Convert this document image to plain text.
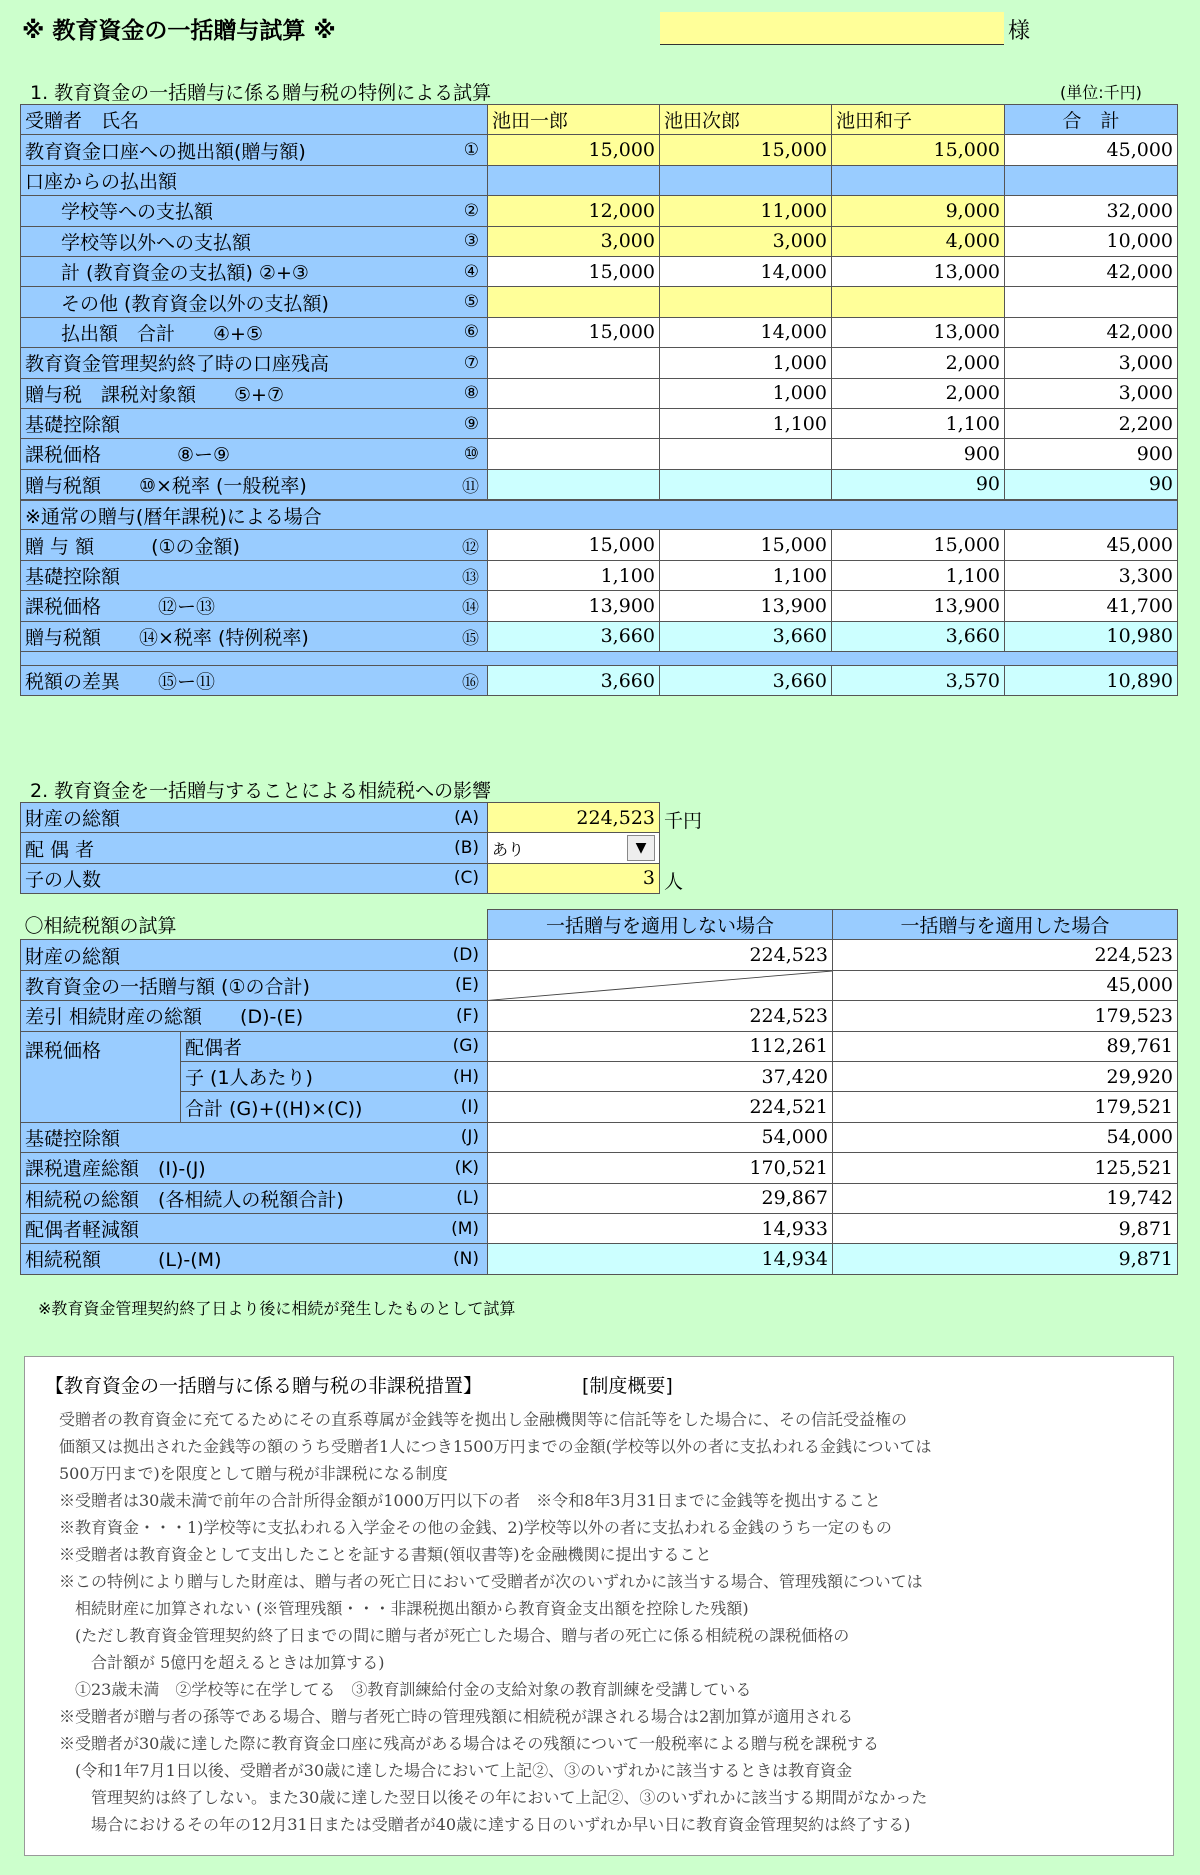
※ 教育資金の一括贈与試算 ※	様
1. 教育資金の一括贈与に係る贈与税の特例による試算	(単位:千円)
受贈者　氏名	池田一郎	池田次郎	池田和子	合　計

教育資金口座への拠出額(贈与額) ①	15,000	15,000	15,000	45,000
口座からの払出額				

学校等への支払額 ②	12,000	11,000	9,000	32,000

学校等以外への支払額 ③	3,000	3,000	4,000	10,000

計 (教育資金の支払額) ②+③ ④	15,000	14,000	13,000	42,000

その他 (教育資金以外の支払額) ⑤				

払出額　合計　　④+⑤ ⑥	15,000	14,000	13,000	42,000

教育資金管理契約終了時の口座残高 ⑦		1,000	2,000	3,000

贈与税　課税対象額　　⑤+⑦ ⑧		1,000	2,000	3,000

基礎控除額 ⑨		1,100	1,100	2,200

課税価格　　　　⑧ー⑨ ⑩			900	900

贈与税額　　⑩×税率 (一般税率) ⑪			90	90
※通常の贈与(暦年課税)による場合				

贈 与 額　　　(①の金額) ⑫	15,000	15,000	15,000	45,000

基礎控除額 ⑬	1,100	1,100	1,100	3,300

課税価格　　　⑫ー⑬ ⑭	13,900	13,900	13,900	41,700

贈与税額　　⑭×税率 (特例税率) ⑮	3,660	3,660	3,660	10,980

税額の差異　　⑮ー⑪ ⑯	3,660	3,660	3,570	10,890
2. 教育資金を一括贈与することによる相続税への影響
財産の総額 (A)	224,523

配 偶 者 (B)	あり ▼

子の人数 (C)	3
千円
人
〇相続税額の試算		一括贈与を適用しない場合	一括贈与を適用した場合

財産の総額 (D)		224,523	224,523

教育資金の一括贈与額 (①の合計) (E)			45,000

差引 相続財産の総額　　(D)-(E) (F)		224,523	179,523
課税価格	配偶者 (G)	112,261	89,761

	子 (1人あたり) (H)	37,420	29,920

	合計 (G)+((H)×(C)) (I)	224,521	179,521

基礎控除額 (J)		54,000	54,000

課税遺産総額　(I)-(J) (K)		170,521	125,521

相続税の総額　(各相続人の税額合計) (L)		29,867	19,742

配偶者軽減額 (M)		14,933	9,871

相続税額　　　(L)-(M) (N)		14,934	9,871
※教育資金管理契約終了日より後に相続が発生したものとして試算
【教育資金の一括贈与に係る贈与税の非課税措置】	[制度概要]
受贈者の教育資金に充てるためにその直系尊属が金銭等を拠出し金融機関等に信託等をした場合に、その信託受益権の
価額又は拠出された金銭等の額のうち受贈者1人につき1500万円までの金額(学校等以外の者に支払われる金銭については
500万円まで)を限度として贈与税が非課税になる制度
※受贈者は30歳未満で前年の合計所得金額が1000万円以下の者　※令和8年3月31日までに金銭等を拠出すること
※教育資金・・・1)学校等に支払われる入学金その他の金銭、2)学校等以外の者に支払われる金銭のうち一定のもの
※受贈者は教育資金として支出したことを証する書類(領収書等)を金融機関に提出すること
※この特例により贈与した財産は、贈与者の死亡日において受贈者が次のいずれかに該当する場合、管理残額については
　相続財産に加算されない (※管理残額・・・非課税拠出額から教育資金支出額を控除した残額)
　(ただし教育資金管理契約終了日までの間に贈与者が死亡した場合、贈与者の死亡に係る相続税の課税価格の
　　合計額が 5億円を超えるときは加算する)
　①23歳未満　②学校等に在学してる　③教育訓練給付金の支給対象の教育訓練を受講している
※受贈者が贈与者の孫等である場合、贈与者死亡時の管理残額に相続税が課される場合は2割加算が適用される
※受贈者が30歳に達した際に教育資金口座に残高がある場合はその残額について一般税率による贈与税を課税する
　(令和1年7月1日以後、受贈者が30歳に達した場合において上記②、③のいずれかに該当するときは教育資金
　　管理契約は終了しない。また30歳に達した翌日以後その年において上記②、③のいずれかに該当する期間がなかった
　　場合におけるその年の12月31日または受贈者が40歳に達する日のいずれか早い日に教育資金管理契約は終了する)
